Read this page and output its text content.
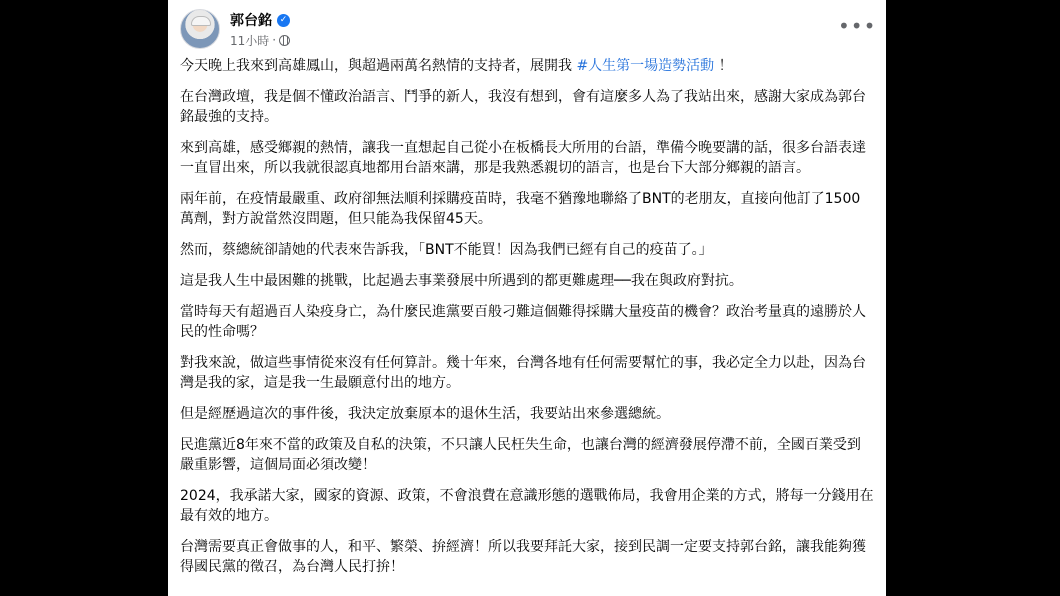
郭台銘 ✓
11小時 ·
•••

今天晚上我來到高雄鳳山，與超過兩萬名熱情的支持者，展開我 #人生第一場造勢活動 ！

在台灣政壇，我是個不懂政治語言、鬥爭的新人，我沒有想到，會有這麼多人為了我站出來，感謝大家成為郭台銘最強的支持。

來到高雄，感受鄉親的熱情，讓我一直想起自己從小在板橋長大所用的台語，準備今晚要講的話，很多台語表達一直冒出來，所以我就很認真地都用台語來講，那是我熟悉親切的語言，也是台下大部分鄉親的語言。

兩年前，在疫情最嚴重、政府卻無法順利採購疫苗時，我毫不猶豫地聯絡了BNT的老朋友，直接向他訂了1500萬劑，對方說當然沒問題，但只能為我保留45天。

然而，蔡總統卻請她的代表來告訴我，「BNT不能買！因為我們已經有自己的疫苗了。」

這是我人生中最困難的挑戰，比起過去事業發展中所遇到的都更難處理──我在與政府對抗。

當時每天有超過百人染疫身亡，為什麼民進黨要百般刁難這個難得採購大量疫苗的機會？政治考量真的遠勝於人民的性命嗎？

對我來說，做這些事情從來沒有任何算計。幾十年來，台灣各地有任何需要幫忙的事，我必定全力以赴，因為台灣是我的家，這是我一生最願意付出的地方。

但是經歷過這次的事件後，我決定放棄原本的退休生活，我要站出來參選總統。

民進黨近8年來不當的政策及自私的決策，不只讓人民枉失生命，也讓台灣的經濟發展停滯不前，全國百業受到嚴重影響，這個局面必須改變！

2024，我承諾大家，國家的資源、政策，不會浪費在意識形態的選戰佈局，我會用企業的方式，將每一分錢用在最有效的地方。

台灣需要真正會做事的人，和平、繁榮、拚經濟！所以我要拜託大家，接到民調一定要支持郭台銘，讓我能夠獲得國民黨的徵召，為台灣人民打拚！
